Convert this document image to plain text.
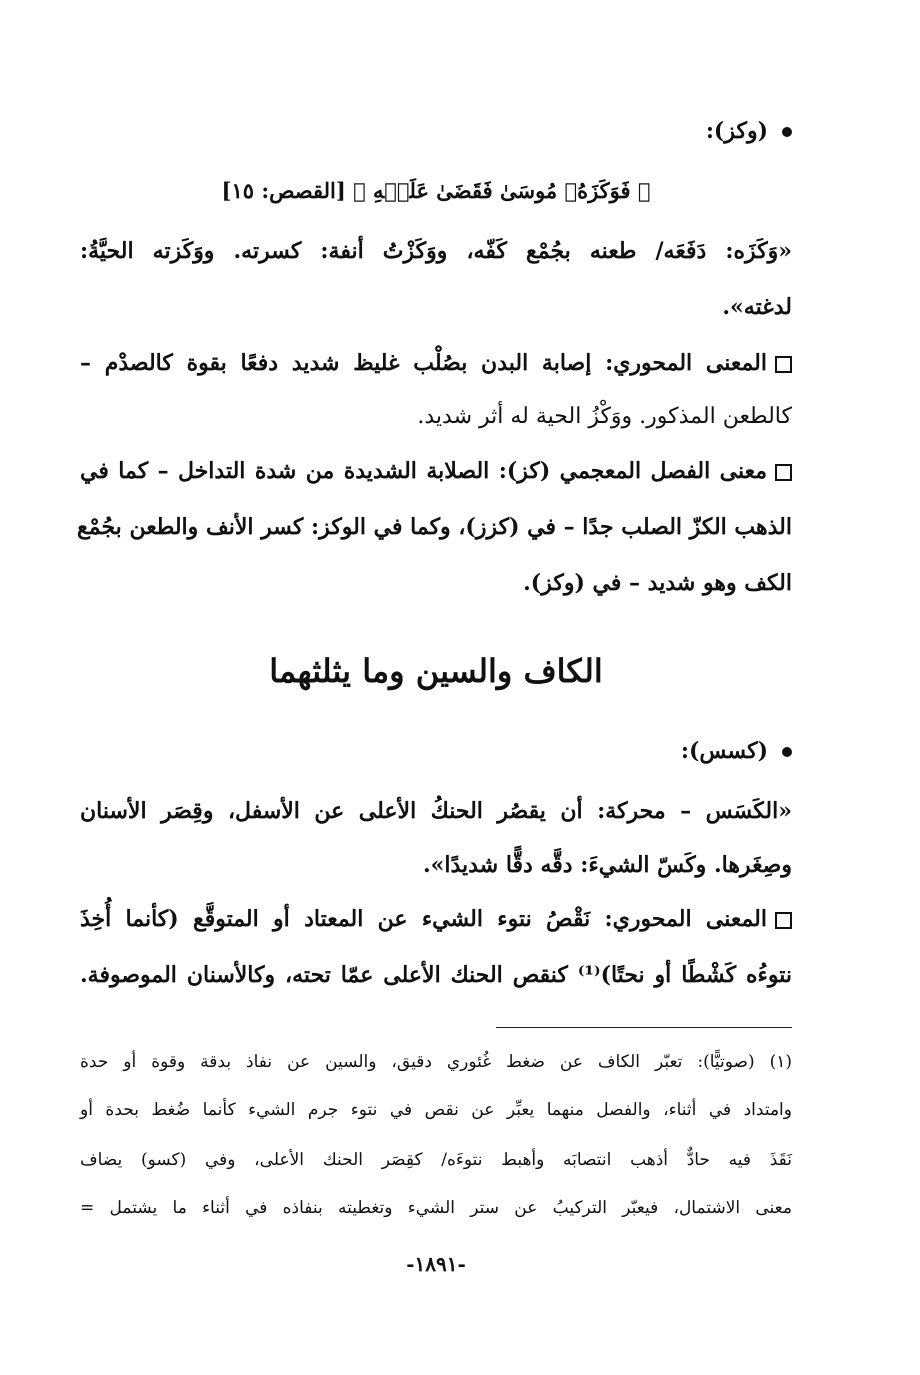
(وكز):
﴿ فَوَكَزَهُۥ مُوسَىٰ فَقَضَىٰ عَلَيۡهِ ﴾ [القصص: ١٥]
«وَكَزَه: دَفَعَه/ طعنه بجُمْع كَفّه، ووَكَزْتُ أنفة: كسرته. ووَكَزته الحيَّةُ:
لدغته».
المعنى المحوري: إصابة البدن بصُلْب غليظ شديد دفعًا بقوة كالصدْم –
كالطعن المذكور. ووَكْزُ الحية له أثر شديد.
معنى الفصل المعجمي (كز): الصلابة الشديدة من شدة التداخل – كما في
الذهب الكزّ الصلب جدًا – في (كزز)، وكما في الوكز: كسر الأنف والطعن بجُمْع
الكف وهو شديد – في (وكز).
الكاف والسين وما يثلثهما
(كسس):
«الكَسَس – محركة: أن يقصُر الحنكُ الأعلى عن الأسفل، وقِصَر الأسنان
وصِغَرها. وكَسّ الشيءَ: دقَّه دقًّا شديدًا».
المعنى المحوري: نَقْصُ نتوء الشيء عن المعتاد أو المتوقَّع (كأنما أُخِذَ
نتوءُه كَشْطًا أو نحتًا)⁽¹⁾ كنقص الحنك الأعلى عمّا تحته، وكالأسنان الموصوفة.
(١) (صوتيًّا): تعبّر الكاف عن ضغط غُئوري دقيق، والسين عن نفاذ بدقة وقوة أو حدة
وامتداد في أثناء، والفصل منهما يعبِّر عن نقص في نتوء جرم الشيء كأنما ضُغط بحدة أو
نَقَذَ فيه حادٌّ أذهب انتصابَه وأهبط نتوءَه/ كقِصَر الحنك الأعلى، وفي (كسو) يضاف
معنى الاشتمال، فيعبّر التركيبُ عن ستر الشيء وتغطيته بنفاذه في أثناء ما يشتمل =
-١٨٩١-
